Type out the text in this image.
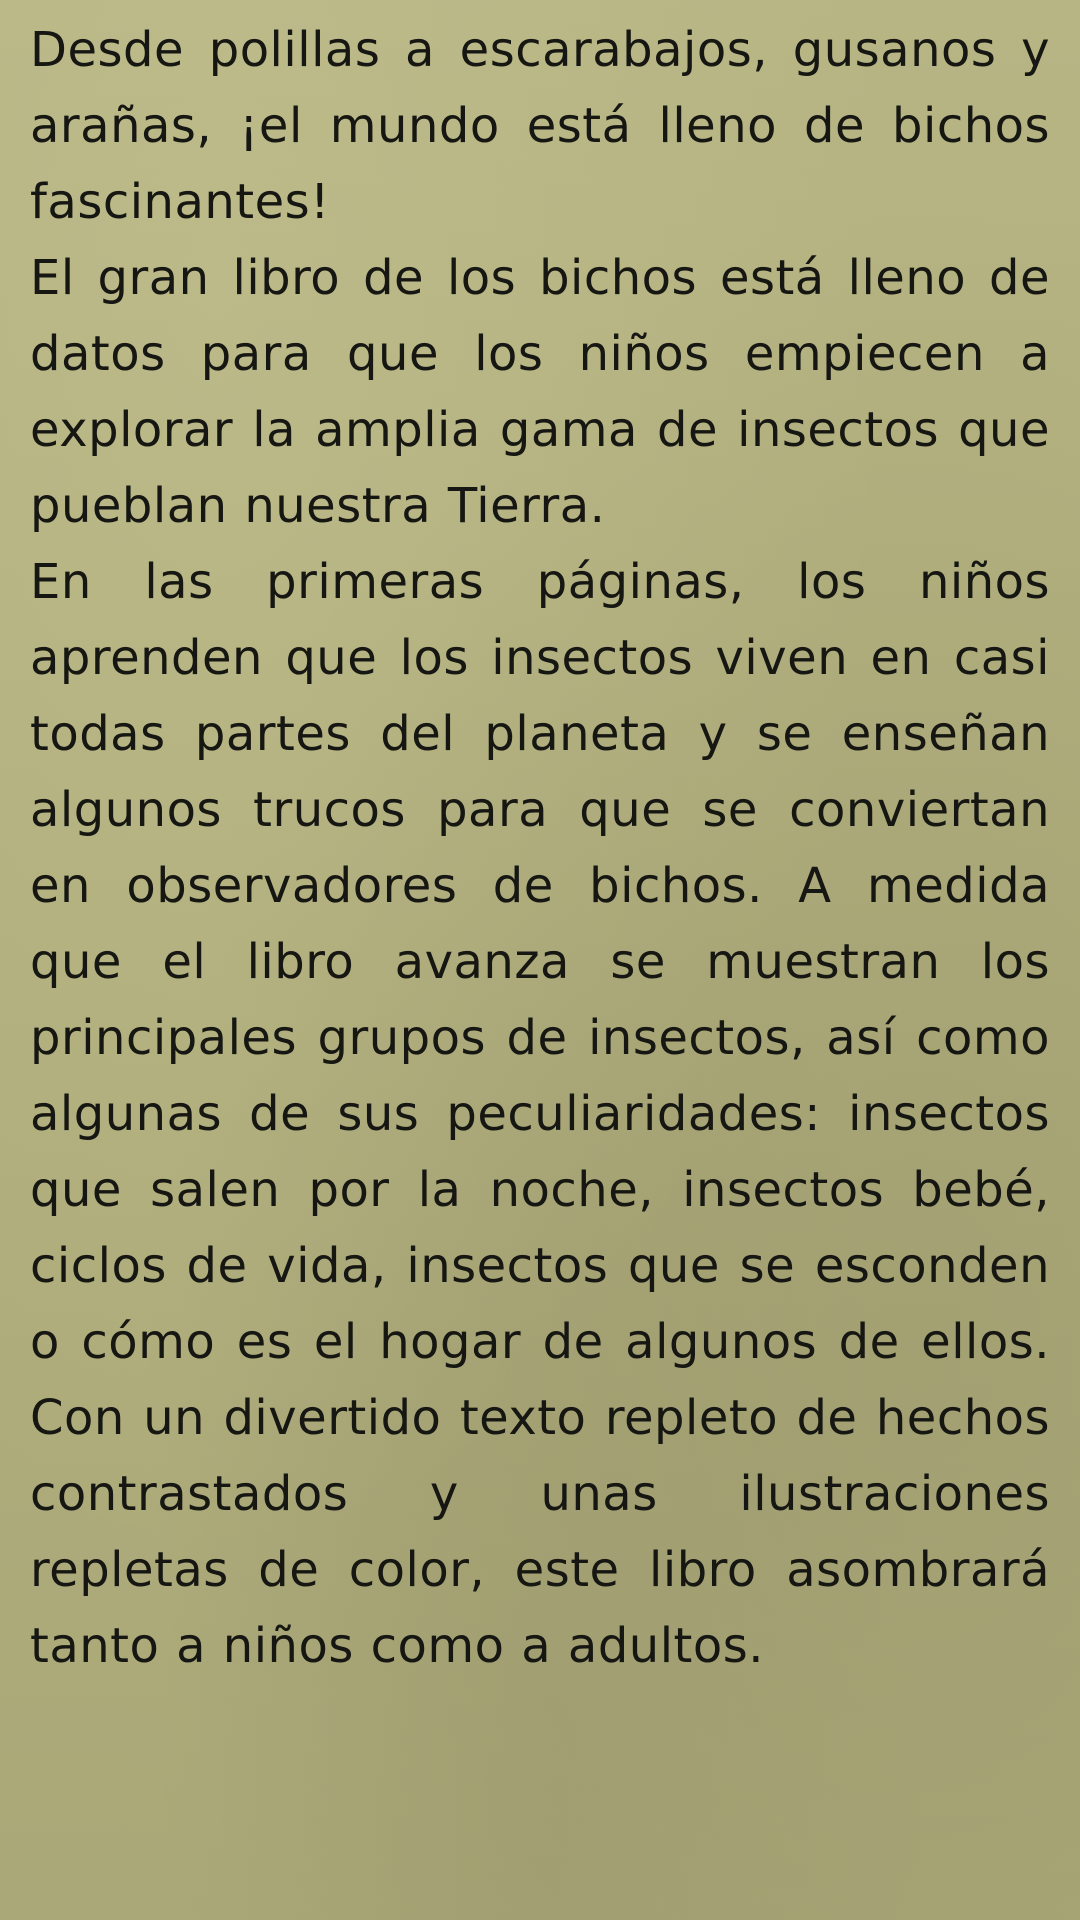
Desde polillas a escarabajos, gusanos y arañas, ¡el mundo está lleno de bichos fascinantes!

El gran libro de los bichos está lleno de datos para que los niños empiecen a explorar la amplia gama de insectos que pueblan nuestra Tierra.

En las primeras páginas, los niños aprenden que los insectos viven en casi todas partes del planeta y se enseñan algunos trucos para que se conviertan en observadores de bichos. A medida que el libro avanza se muestran los principales grupos de insectos, así como algunas de sus peculiaridades: insectos que salen por la noche, insectos bebé, ciclos de vida, insectos que se esconden o cómo es el hogar de algunos de ellos. Con un divertido texto repleto de hechos contrastados y unas ilustraciones repletas de color, este libro asombrará tanto a niños como a adultos.
